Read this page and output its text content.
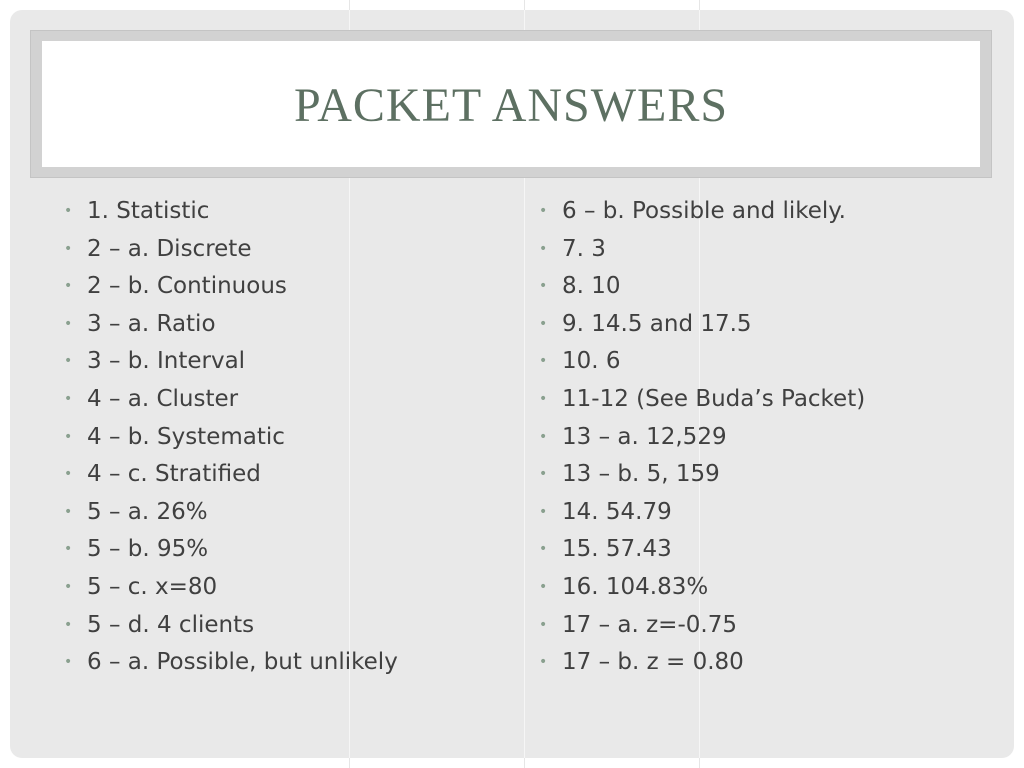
PACKET ANSWERS
• 1. Statistic
• 2 – a. Discrete
• 2 – b. Continuous
• 3 – a. Ratio
• 3 – b. Interval
• 4 – a. Cluster
• 4 – b. Systematic
• 4 – c. Stratified
• 5 – a. 26%
• 5 – b. 95%
• 5 – c. x=80
• 5 – d. 4 clients
• 6 – a. Possible, but unlikely
• 6 – b. Possible and likely.
• 7. 3
• 8. 10
• 9. 14.5 and 17.5
• 10. 6
• 11-12 (See Buda’s Packet)
• 13 – a. 12,529
• 13 – b. 5, 159
• 14. 54.79
• 15. 57.43
• 16. 104.83%
• 17 – a. z=-0.75
• 17 – b. z = 0.80
